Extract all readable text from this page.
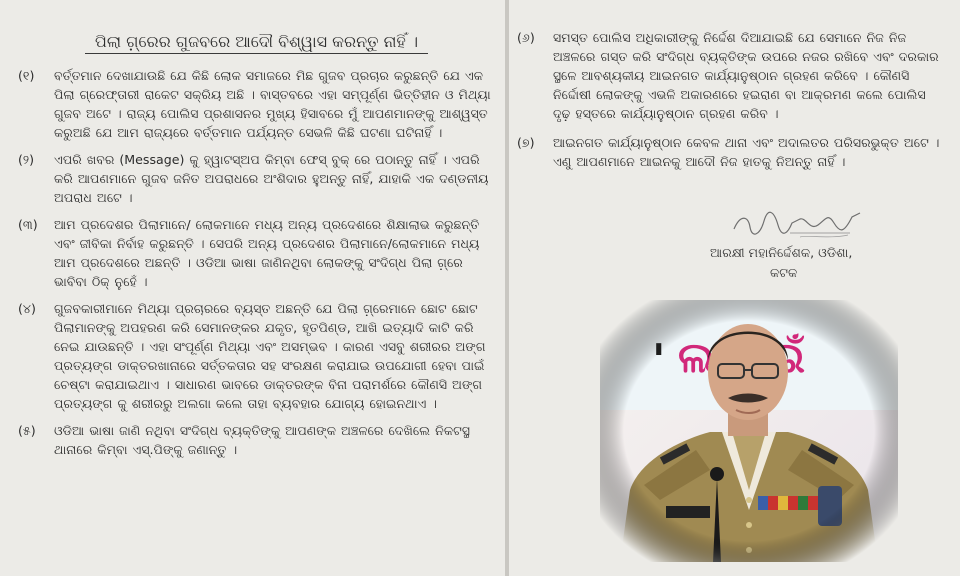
ପିଲା ଗ୍ରେ଼ର ଗୁଜବରେ ଆଦୌ ବିଶ୍ୱାସ କରନ୍ତୁ ନାହିଁ ।
(୧)	ବର୍ତ୍ତମାନ ଦେଖାଯାଉଛି ଯେ କିଛି ଲୋକ ସମାଜରେ ମିଛ ଗୁଜବ ପ୍ରଚାର କରୁଛନ୍ତି ଯେ ଏକ ପିଲା ଗ୍ରେଫ୍ତାରୀ ରାକେଟ ସକ୍ରିୟ ଅଛି । ବାସ୍ତବରେ ଏହା ସମ୍ପୂର୍ଣ୍ଣ ଭିତ୍ତିହୀନ ଓ ମିଥ୍ୟା ଗୁଜବ ଅଟେ । ରାଜ୍ୟ ପୋଲିସ ପ୍ରଶାସନର ମୁଖ୍ୟ ହିସାବରେ ମୁଁ ଆପଣମାନଙ୍କୁ ଆଶ୍ୱସ୍ତ କରୁଅଛି ଯେ ଆମ ରାଜ୍ୟରେ ବର୍ତ୍ତମାନ ପର୍ଯ୍ୟନ୍ତ ସେଭଳି କିଛି ଘଟଣା ଘଟିନାହିଁ ।
(୨)	ଏପରି ଖବର (Message) କୁ ହ୍ୱାଟସ୍‌ଅପ କିମ୍ବା ଫେସ୍ ବୁକ୍ ରେ ପଠାନ୍ତୁ ନାହିଁ । ଏପରି କରି ଆପଣମାନେ ଗୁଜବ ଜନିତ ଅପରାଧରେ ଅଂଶିଦାର ହୁଅନ୍ତୁ ନାହିଁ, ଯାହାକି ଏକ ଦଣ୍ଡନୀୟ ଅପରାଧ ଅଟେ ।
(୩)	ଆମ ପ୍ରଦେଶର ପିଲାମାନେ/ ଲୋକମାନେ ମଧ୍ୟ ଅନ୍ୟ ପ୍ରଦେଶରେ ଶିକ୍ଷାଲାଭ କରୁଛନ୍ତି ଏବଂ ଜୀବିକା ନିର୍ବାହ କରୁଛନ୍ତି । ସେପରି ଅନ୍ୟ ପ୍ରଦେଶର ପିଲାମାନେ/ଲୋକମାନେ ମଧ୍ୟ ଆମ ପ୍ରଦେଶରେ ଅଛନ୍ତି । ଓଡିଆ ଭାଷା ଜାଣିନଥିବା ଲୋକଙ୍କୁ ସଂଦିଗ୍ଧ ପିଲା ଗ୍ରେ଼ ଭାବିବା ଠିକ୍ ନୁହେଁ ।
(୪)	ଗୁଜବକାରୀମାନେ ମିଥ୍ୟା ପ୍ରଚାରରେ ବ୍ୟସ୍ତ ଅଛନ୍ତି ଯେ ପିଲା ଗ୍ରେ଼ମାନେ ଛୋଟ ଛୋଟ ପିଲାମାନଙ୍କୁ ଅପହରଣ କରି ସେମାନଙ୍କର ଯକୃତ, ହୃତପିଣ୍ଡ, ଆଖି ଇତ୍ୟାଦି କାଟି କରି ନେଇ ଯାଉଛନ୍ତି । ଏହା ସଂପୂର୍ଣ୍ଣ ମିଥ୍ୟା ଏବଂ ଅସମ୍ଭବ । କାରଣ ଏସବୁ ଶରୀରର ଅଙ୍ଗ ପ୍ରତ୍ୟଙ୍ଗ ଡାକ୍ତରଖାନାରେ ସର୍ତ୍ତକତାର ସହ ସଂରକ୍ଷଣ କରାଯାଇ ଉପଯୋଗୀ ହେବା ପାଇଁ ଚେଷ୍ଟା କରାଯାଇଥାଏ । ସାଧାରଣ ଭାବରେ ଡାକ୍ତରଙ୍କ ବିନା ପରାମର୍ଶରେ କୌଣସି ଅଙ୍ଗ ପ୍ରତ୍ୟଙ୍ଗ କୁ ଶରୀରରୁ ଅଲଗା କଲେ ତାହା ବ୍ୟବହାର ଯୋଗ୍ୟ ହୋଇନଥାଏ ।
(୫)	ଓଡିଆ ଭାଷା ଜାଣି ନଥିବା ସଂଦିଗ୍ଧ ବ୍ୟକ୍ତିଙ୍କୁ ଆପଣଙ୍କ ଅଞ୍ଚଳରେ ଦେଖିଲେ ନିକଟସ୍ଥ ଥାନାରେ କିମ୍ବା ଏସ୍.ପିଙ୍କୁ ଜଣାନ୍ତୁ ।
(୬)	ସମସ୍ତ ପୋଲିସ ଅଧିକାରୀଙ୍କୁ ନିର୍ଦ୍ଦେଶ ଦିଆଯାଇଛି ଯେ ସେମାନେ ନିଜ ନିଜ ଅଞ୍ଚଳରେ ଗସ୍ତ କରି ସଂଦିଗ୍ଧ ବ୍ୟକ୍ତିଙ୍କ ଉପରେ ନଜର ରଖିବେ ଏବଂ ଦରକାର ସ୍ଥଳେ ଆବଶ୍ୟକୀୟ ଆଇନଗତ କାର୍ଯ୍ୟାନୁଷ୍ଠାନ ଗ୍ରହଣ କରିବେ । କୌଣସି ନିର୍ଦ୍ଦୋଷୀ ଲୋକଙ୍କୁ ଏଭଳି ଅକାରଣରେ ହଇରାଣ ବା ଆକ୍ରମଣ କଲେ ପୋଲିସ ଦୃଢ଼ ହସ୍ତରେ କାର୍ଯ୍ୟାନୁଷ୍ଠାନ ଗ୍ରହଣ କରିବ ।
(୭)	ଆଇନଗତ କାର୍ଯ୍ୟାନୁଷ୍ଠାନ କେବଳ ଥାନା ଏବଂ ଅଦାଲତର ପରିସରଭୁକ୍ତ ଅଟେ । ଏଣୁ ଆପଣମାନେ ଆଇନକୁ ଆଦୌ ନିଜ ହାତକୁ ନିଅନ୍ତୁ ନାହିଁ ।
ଆରକ୍ଷୀ ମହାନିର୍ଦ୍ଦେଶକ, ଓଡିଶା,
କଟକ
